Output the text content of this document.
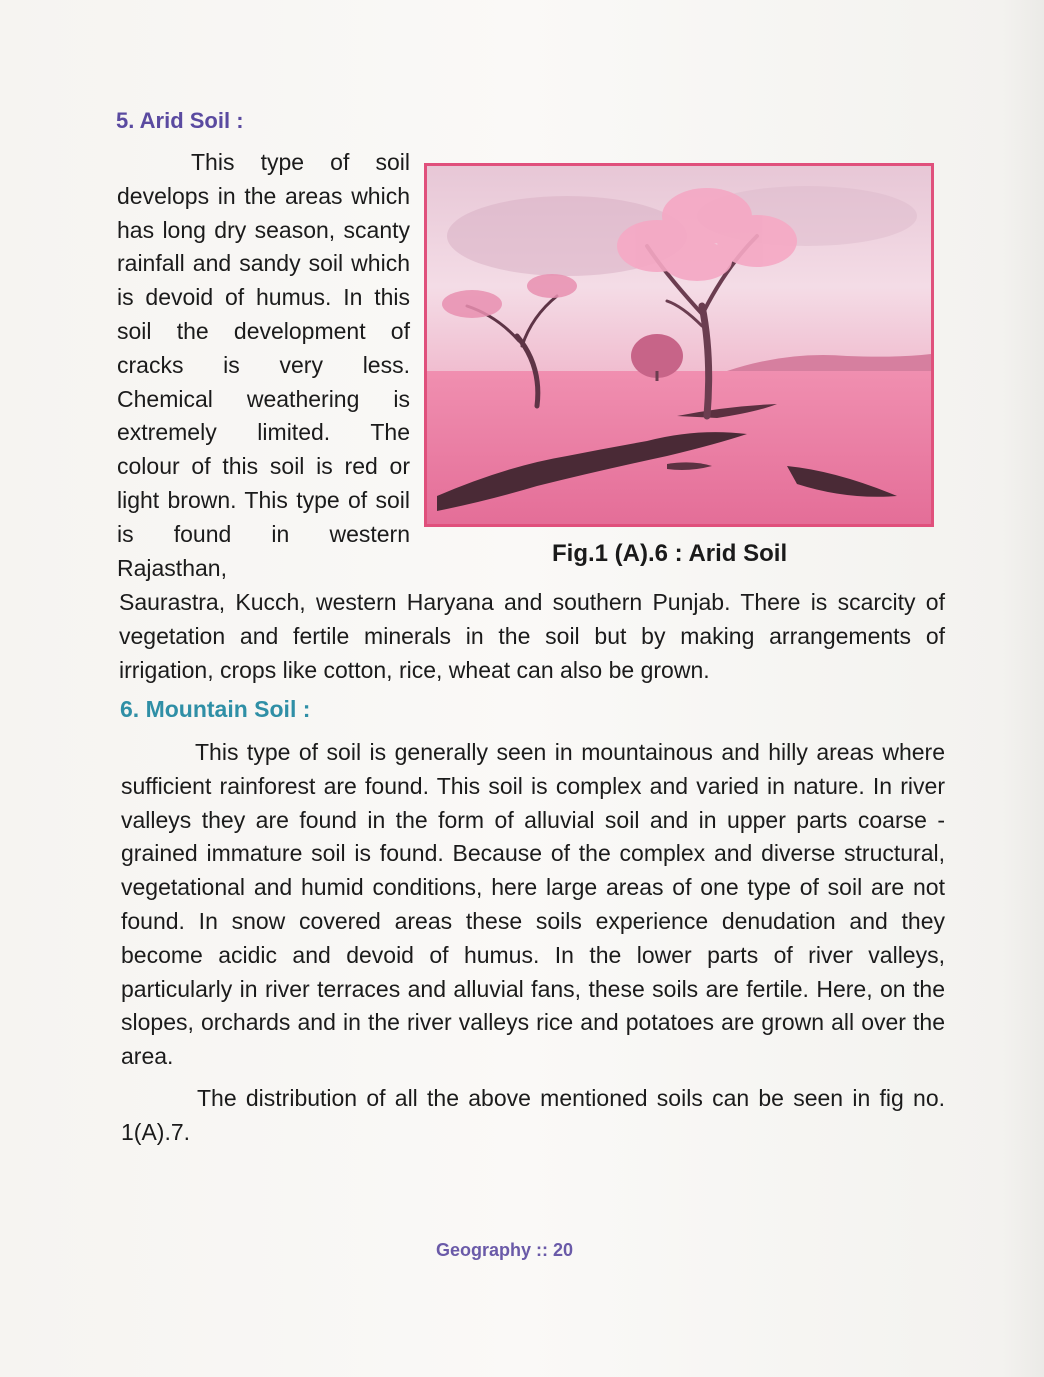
5. Arid Soil :

This type of soil develops in the areas which has long dry season, scanty rainfall and sandy soil which is devoid of humus. In this soil the development of cracks is very less. Chemical weathering is extremely limited. The colour of this soil is red or light brown. This type of soil is found in western Rajasthan,

Fig.1 (A).6 : Arid Soil

Saurastra, Kucch, western Haryana and southern Punjab. There is scarcity of vegetation and fertile minerals in the soil but by making arrangements of irrigation, crops like cotton, rice, wheat can also be grown.

6. Mountain Soil :

This type of soil is generally seen in mountainous and hilly areas where sufficient rainforest are found. This soil is complex and varied in nature. In river valleys they are found in the form of alluvial soil and in upper parts coarse - grained immature soil is found. Because of the complex and diverse structural, vegetational and humid conditions, here large areas of one type of soil are not found. In snow covered areas these soils experience denudation and they become acidic and devoid of humus. In the lower parts of river valleys, particularly in river terraces and alluvial fans, these soils are fertile. Here, on the slopes, orchards and in the river valleys rice and potatoes are grown all over the area.

The distribution of all the above mentioned soils can be seen in fig no. 1(A).7.

Geography :: 20
